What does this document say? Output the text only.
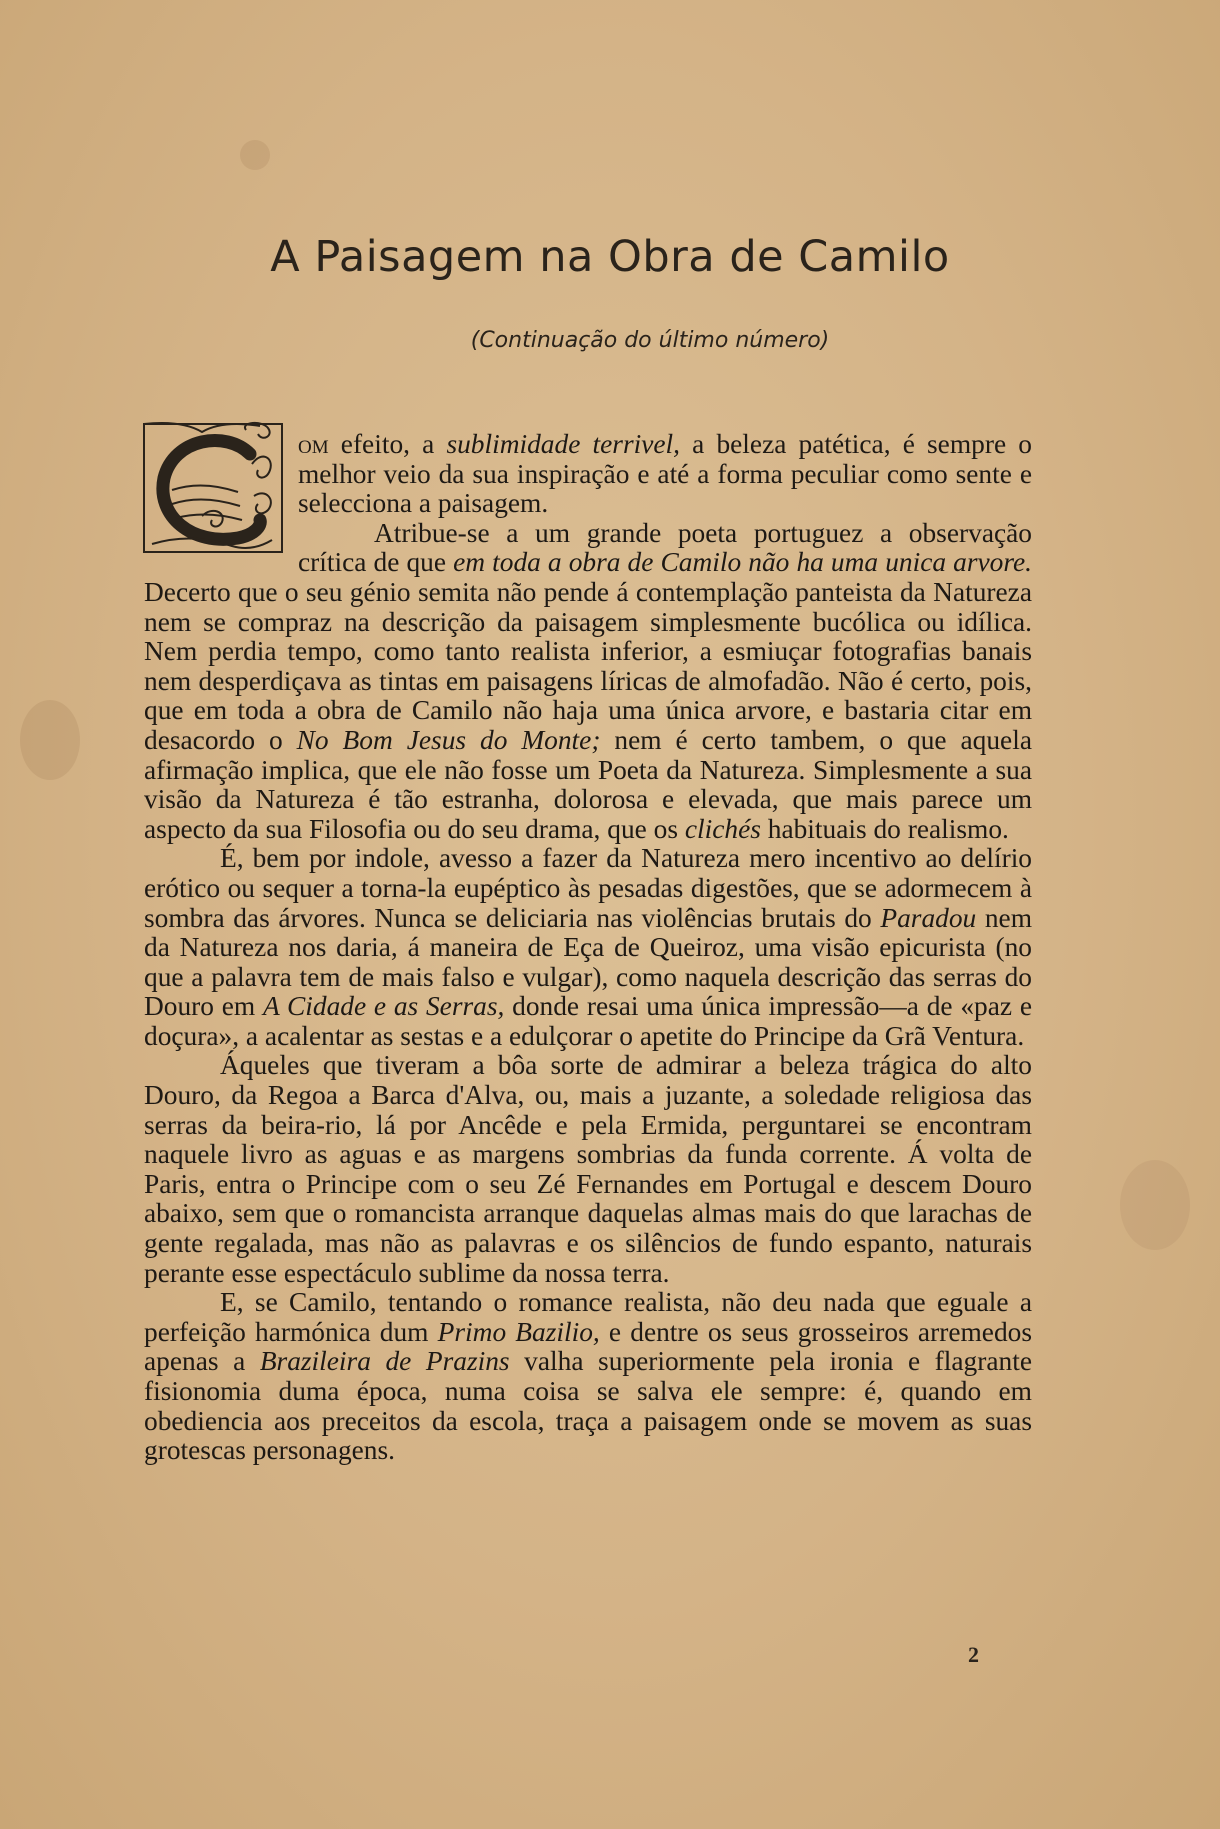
A Paisagem na Obra de Camilo
(Continuação do último número)

om efeito, a sublimidade terrivel, a beleza patética, é sempre o melhor veio da sua inspiração e até a forma peculiar como sente e selecciona a paisagem.

Atribue-se a um grande poeta portuguez a observação crítica de que em toda a obra de Camilo não ha uma unica arvore. Decerto que o seu génio semita não pende á contemplação panteista da Natureza nem se compraz na descrição da paisagem simplesmente bucólica ou idílica. Nem perdia tempo, como tanto realista inferior, a esmiuçar fotografias banais nem desperdiçava as tintas em paisagens líricas de almofadão. Não é certo, pois, que em toda a obra de Camilo não haja uma única arvore, e bastaria citar em desacordo o No Bom Jesus do Monte; nem é certo tambem, o que aquela afirmação implica, que ele não fosse um Poeta da Natureza. Simplesmente a sua visão da Natureza é tão estranha, dolorosa e elevada, que mais parece um aspecto da sua Filosofia ou do seu drama, que os clichés habituais do realismo.

É, bem por indole, avesso a fazer da Natureza mero incentivo ao delírio erótico ou sequer a torna-la eupéptico às pesadas digestões, que se adormecem à sombra das árvores. Nunca se deliciaria nas violências brutais do Paradou nem da Natureza nos daria, á maneira de Eça de Queiroz, uma visão epicurista (no que a palavra tem de mais falso e vulgar), como naquela descrição das serras do Douro em A Cidade e as Serras, donde resai uma única impressão—a de «paz e doçura», a acalentar as sestas e a edulçorar o apetite do Principe da Grã Ventura.

Áqueles que tiveram a bôa sorte de admirar a beleza trágica do alto Douro, da Regoa a Barca d'Alva, ou, mais a juzante, a soledade religiosa das serras da beira-rio, lá por Ancêde e pela Ermida, perguntarei se encontram naquele livro as aguas e as margens sombrias da funda corrente. Á volta de Paris, entra o Principe com o seu Zé Fernandes em Portugal e descem Douro abaixo, sem que o romancista arranque daquelas almas mais do que larachas de gente regalada, mas não as palavras e os silêncios de fundo espanto, naturais perante esse espectáculo sublime da nossa terra.

E, se Camilo, tentando o romance realista, não deu nada que eguale a perfeição harmónica dum Primo Bazilio, e dentre os seus grosseiros arremedos apenas a Brazileira de Prazins valha superiormente pela ironia e flagrante fisionomia duma época, numa coisa se salva ele sempre: é, quando em obediencia aos preceitos da escola, traça a paisagem onde se movem as suas grotescas personagens.

2
